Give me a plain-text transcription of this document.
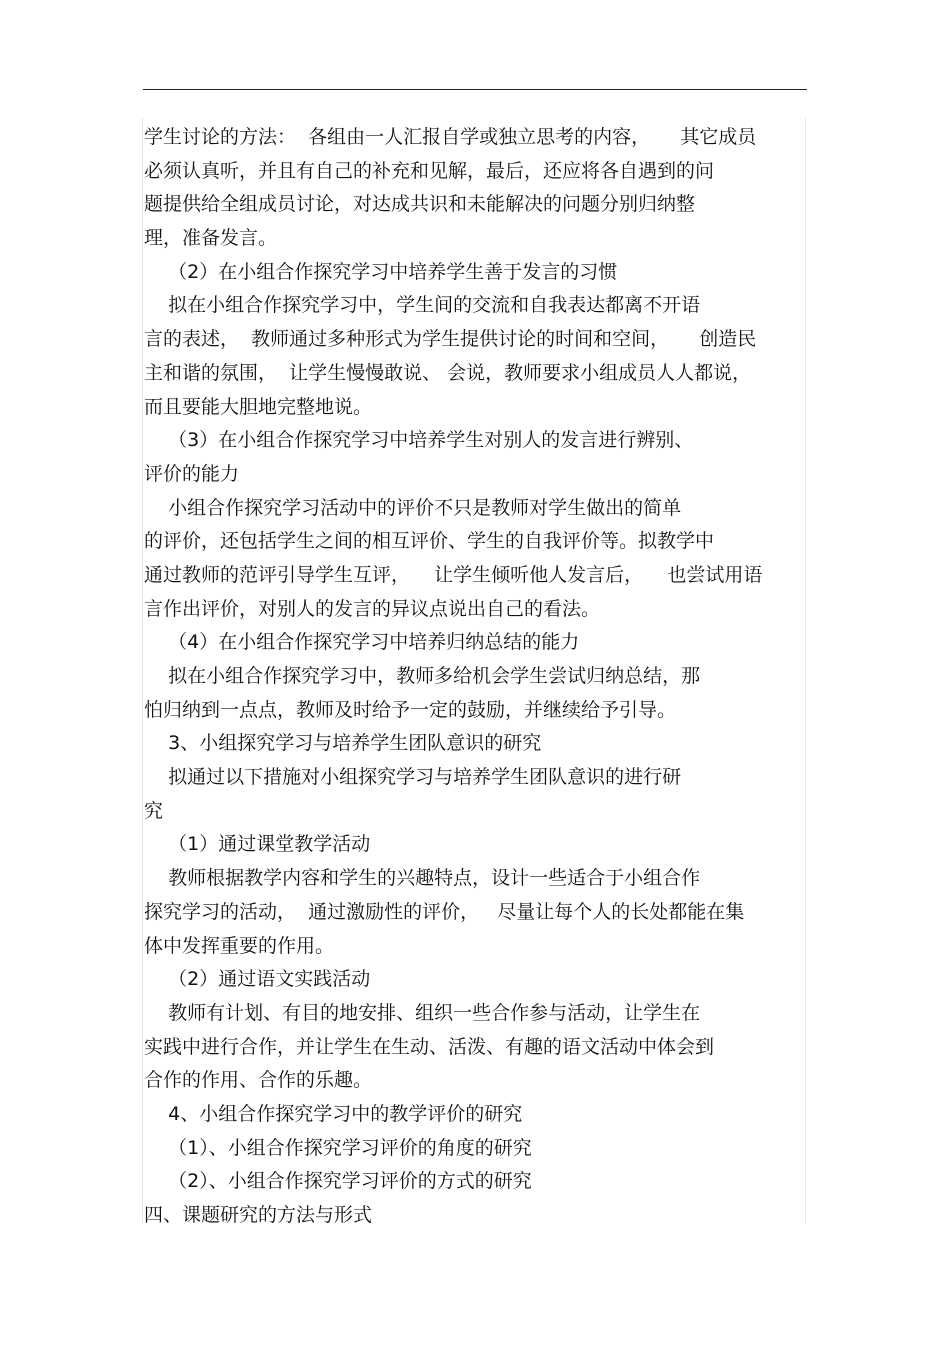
学生讨论的方法：  各组由一人汇报自学或独立思考的内容，     其它成员
必须认真听，并且有自己的补充和见解，最后，还应将各自遇到的问
题提供给全组成员讨论，对达成共识和未能解决的问题分别归纳整
理，准备发言。
（2）在小组合作探究学习中培养学生善于发言的习惯
拟在小组合作探究学习中，学生间的交流和自我表达都离不开语
言的表述，  教师通过多种形式为学生提供讨论的时间和空间，     创造民
主和谐的氛围，  让学生慢慢敢说、 会说，教师要求小组成员人人都说，
而且要能大胆地完整地说。
（3）在小组合作探究学习中培养学生对别人的发言进行辨别、
评价的能力
小组合作探究学习活动中的评价不只是教师对学生做出的简单
的评价，还包括学生之间的相互评价、学生的自我评价等。拟教学中
通过教师的范评引导学生互评，    让学生倾听他人发言后，    也尝试用语
言作出评价，对别人的发言的异议点说出自己的看法。
（4）在小组合作探究学习中培养归纳总结的能力
拟在小组合作探究学习中，教师多给机会学生尝试归纳总结，那
怕归纳到一点点，教师及时给予一定的鼓励，并继续给予引导。
3、小组探究学习与培养学生团队意识的研究
拟通过以下措施对小组探究学习与培养学生团队意识的进行研
究
（1）通过课堂教学活动
教师根据教学内容和学生的兴趣特点，设计一些适合于小组合作
探究学习的活动，  通过激励性的评价，   尽量让每个人的长处都能在集
体中发挥重要的作用。
（2）通过语文实践活动
教师有计划、有目的地安排、组织一些合作参与活动，让学生在
实践中进行合作，并让学生在生动、活泼、有趣的语文活动中体会到
合作的作用、合作的乐趣。
4、小组合作探究学习中的教学评价的研究
（1）、小组合作探究学习评价的角度的研究
（2）、小组合作探究学习评价的方式的研究
四、课题研究的方法与形式
